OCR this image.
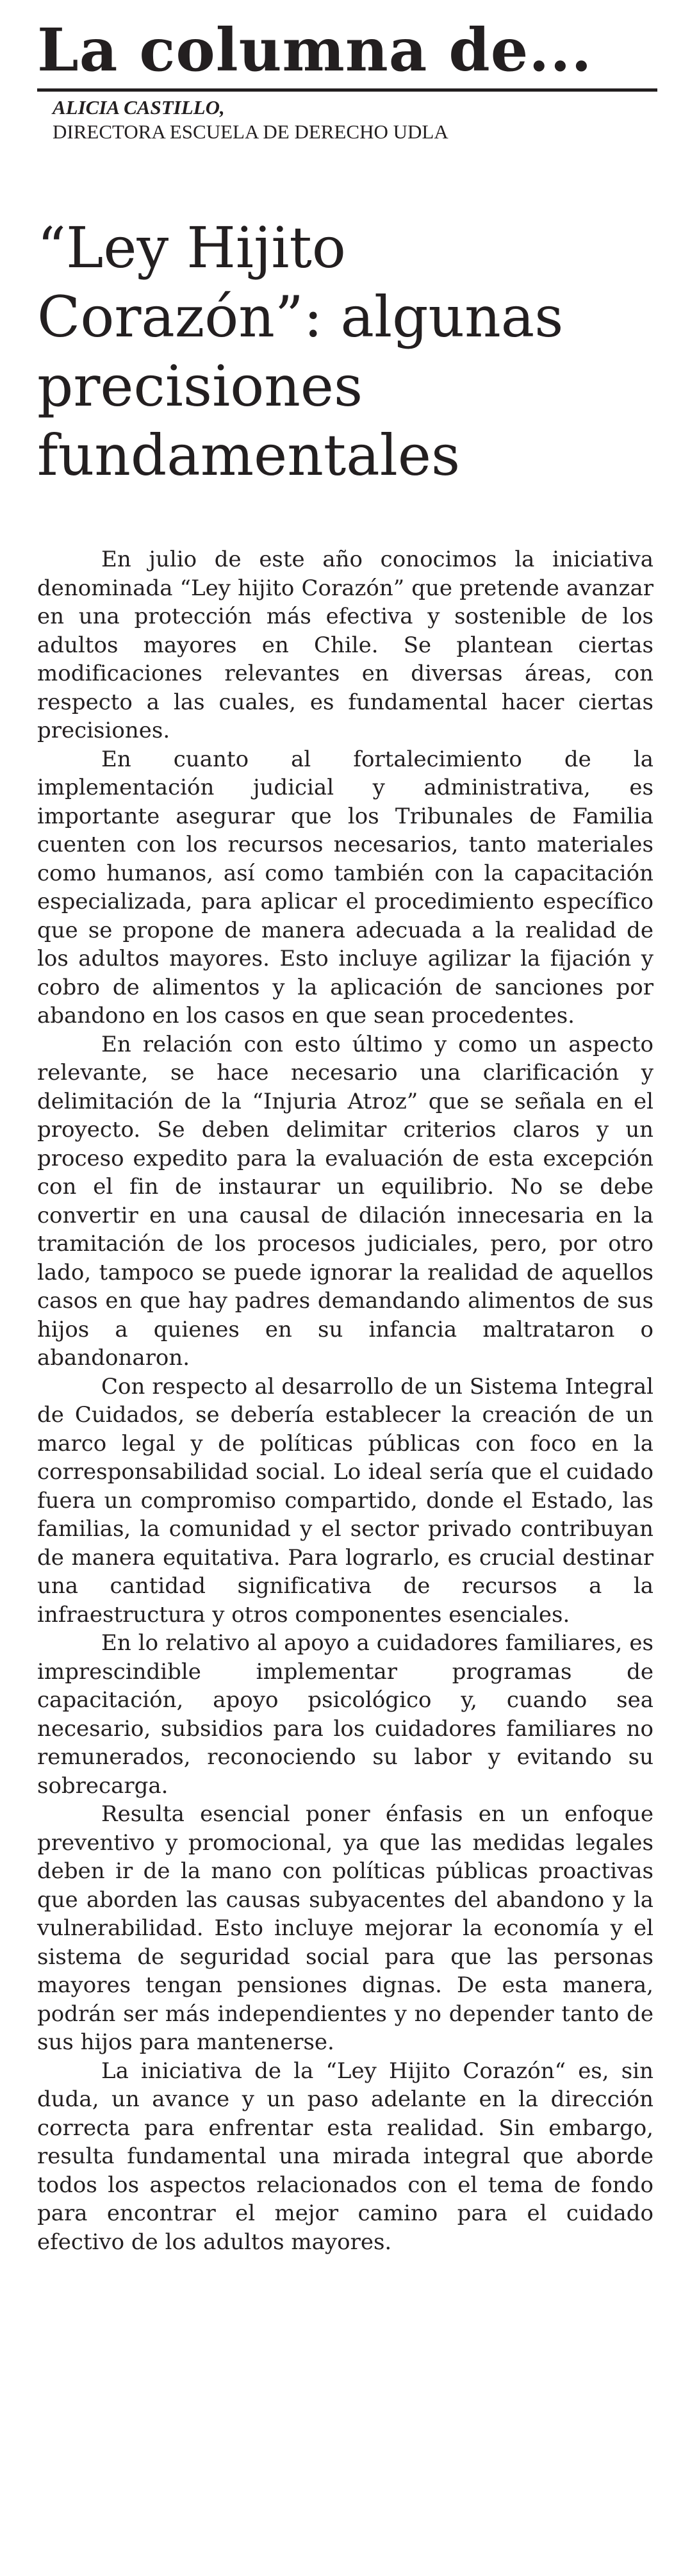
La columna de...
ALICIA CASTILLO,
DIRECTORA ESCUELA DE DERECHO UDLA
“Ley Hijito
Corazón”: algunas
precisiones
fundamentales

En julio de este año conocimos la iniciativa denominada “Ley hijito Corazón” que pretende avanzar en una protección más efectiva y sostenible de los adultos mayores en Chile. Se plantean ciertas modificaciones relevantes en diversas áreas, con respecto a las cuales, es fundamental hacer ciertas precisiones.

En cuanto al fortalecimiento de la implementación judicial y administrativa, es importante asegurar que los Tribunales de Familia cuenten con los recursos necesarios, tanto materiales como humanos, así como también con la capacitación especializada, para aplicar el procedimiento específico que se propone de manera adecuada a la realidad de los adultos mayores. Esto incluye agilizar la fijación y cobro de alimentos y la aplicación de sanciones por abandono en los casos en que sean procedentes.

En relación con esto último y como un aspecto relevante, se hace necesario una clarificación y delimitación de la “Injuria Atroz” que se señala en el proyecto. Se deben delimitar criterios claros y un proceso expedito para la evaluación de esta excepción con el fin de instaurar un equilibrio. No se debe convertir en una causal de dilación innecesaria en la tramitación de los procesos judiciales, pero, por otro lado, tampoco se puede ignorar la realidad de aquellos casos en que hay padres demandando alimentos de sus hijos a quienes en su infancia maltrataron o abandonaron.

Con respecto al desarrollo de un Sistema Integral de Cuidados, se debería establecer la creación de un marco legal y de políticas públicas con foco en la corresponsabilidad social. Lo ideal sería que el cuidado fuera un compromiso compartido, donde el Estado, las familias, la comunidad y el sector privado contribuyan de manera equitativa. Para lograrlo, es crucial destinar una cantidad significativa de recursos a la infraestructura y otros componentes esenciales.

En lo relativo al apoyo a cuidadores familiares, es imprescindible implementar programas de capacitación, apoyo psicológico y, cuando sea necesario, subsidios para los cuidadores familiares no remunerados, reconociendo su labor y evitando su sobrecarga.

Resulta esencial poner énfasis en un enfoque preventivo y promocional, ya que las medidas legales deben ir de la mano con políticas públicas proactivas que aborden las causas subyacentes del abandono y la vulnerabilidad. Esto incluye mejorar la economía y el sistema de seguridad social para que las personas mayores tengan pensiones dignas. De esta manera, podrán ser más independientes y no depender tanto de sus hijos para mantenerse.

La iniciativa de la “Ley Hijito Corazón“ es, sin duda, un avance y un paso adelante en la dirección correcta para enfrentar esta realidad. Sin embargo, resulta fundamental una mirada integral que aborde todos los aspectos relacionados con el tema de fondo para encontrar el mejor camino para el cuidado efectivo de los adultos mayores.
